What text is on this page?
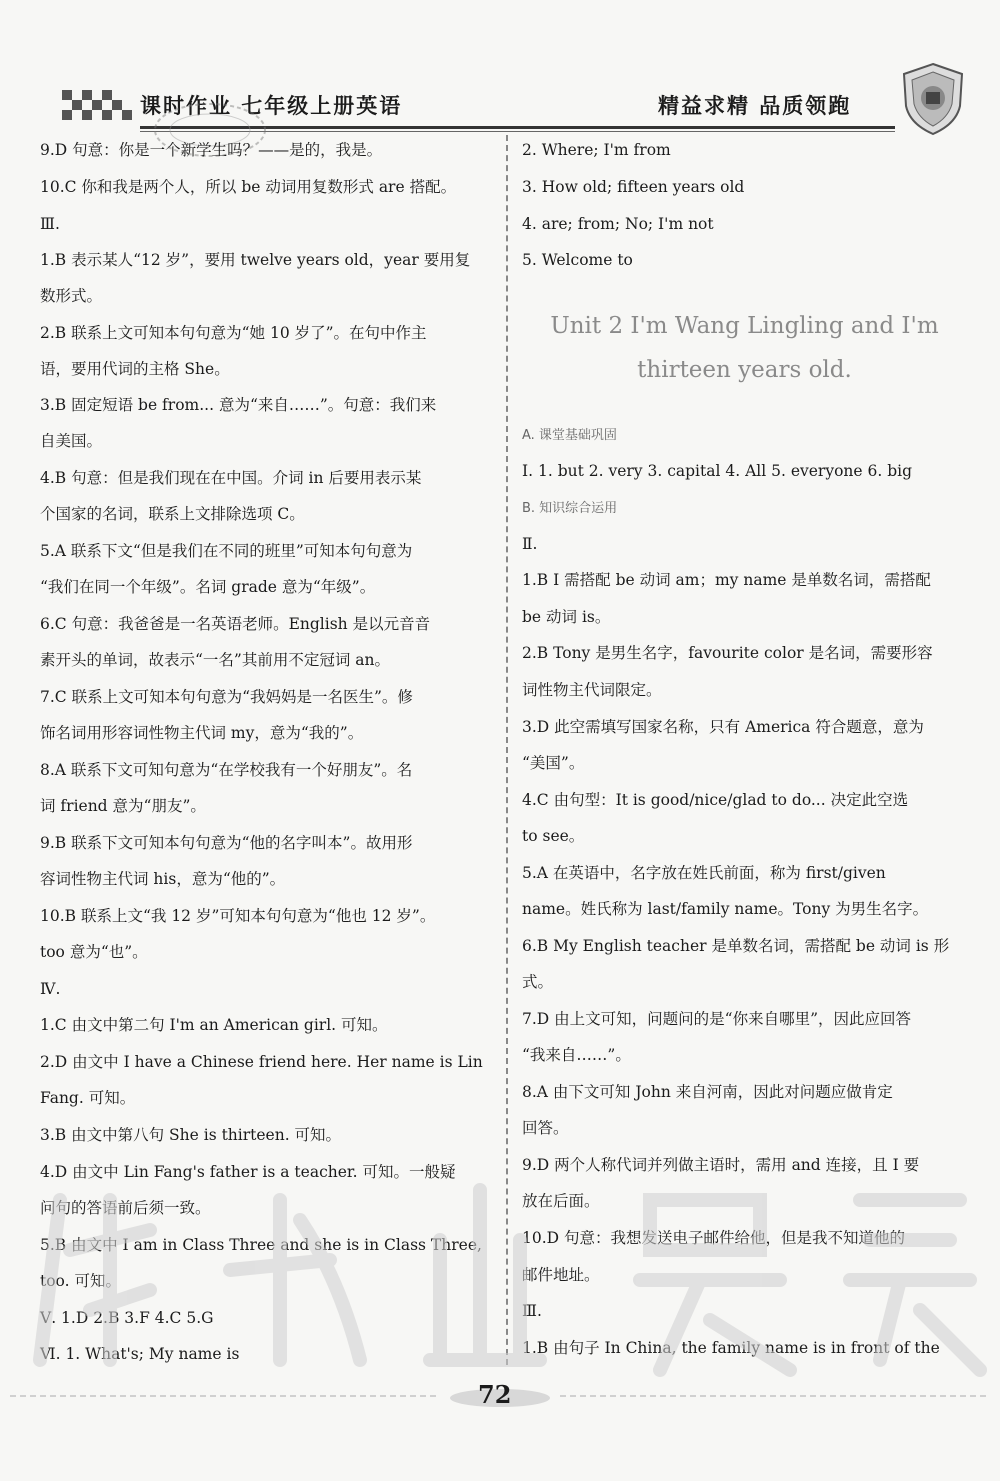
课时作业 七年级上册英语	精益求精 品质领跑
9.D 句意：你是一个新学生吗？——是的，我是。
10.C 你和我是两个人，所以 be 动词用复数形式 are 搭配。
Ⅲ.
1.B 表示某人“12 岁”，要用 twelve years old，year 要用复
数形式。
2.B 联系上文可知本句句意为“她 10 岁了”。在句中作主
语，要用代词的主格 She。
3.B 固定短语 be from... 意为“来自……”。句意：我们来
自美国。
4.B 句意：但是我们现在在中国。介词 in 后要用表示某
个国家的名词，联系上文排除选项 C。
5.A 联系下文“但是我们在不同的班里”可知本句句意为
“我们在同一个年级”。名词 grade 意为“年级”。
6.C 句意：我爸爸是一名英语老师。English 是以元音音
素开头的单词，故表示“一名”其前用不定冠词 an。
7.C 联系上文可知本句句意为“我妈妈是一名医生”。修
饰名词用形容词性物主代词 my，意为“我的”。
8.A 联系下文可知句意为“在学校我有一个好朋友”。名
词 friend 意为“朋友”。
9.B 联系下文可知本句句意为“他的名字叫本”。故用形
容词性物主代词 his，意为“他的”。
10.B 联系上文“我 12 岁”可知本句句意为“他也 12 岁”。
too 意为“也”。
Ⅳ.
1.C 由文中第二句 I'm an American girl. 可知。
2.D 由文中 I have a Chinese friend here. Her name is Lin
Fang. 可知。
3.B 由文中第八句 She is thirteen. 可知。
4.D 由文中 Lin Fang's father is a teacher. 可知。一般疑
问句的答语前后须一致。
5.B 由文中 I am in Class Three and she is in Class Three,
too. 可知。
Ⅴ. 1.D 2.B 3.F 4.C 5.G
Ⅵ. 1. What's; My name is
2. Where; I'm from
3. How old; fifteen years old
4. are; from; No; I'm not
5. Welcome to
Unit 2 I'm Wang Lingling and I'm
thirteen years old.
A. 课堂基础巩固
Ⅰ. 1. but 2. very 3. capital 4. All 5. everyone 6. big
B. 知识综合运用
Ⅱ.
1.B I 需搭配 be 动词 am；my name 是单数名词，需搭配
be 动词 is。
2.B Tony 是男生名字，favourite color 是名词，需要形容
词性物主代词限定。
3.D 此空需填写国家名称，只有 America 符合题意，意为
“美国”。
4.C 由句型：It is good/nice/glad to do... 决定此空选
to see。
5.A 在英语中，名字放在姓氏前面，称为 first/given
name。姓氏称为 last/family name。Tony 为男生名字。
6.B My English teacher 是单数名词，需搭配 be 动词 is 形
式。
7.D 由上文可知，问题问的是“你来自哪里”，因此应回答
“我来自……”。
8.A 由下文可知 John 来自河南，因此对问题应做肯定
回答。
9.D 两个人称代词并列做主语时，需用 and 连接，且 I 要
放在后面。
10.D 句意：我想发送电子邮件给他，但是我不知道他的
邮件地址。
Ⅲ.
1.B 由句子 In China, the family name is in front of the
72
